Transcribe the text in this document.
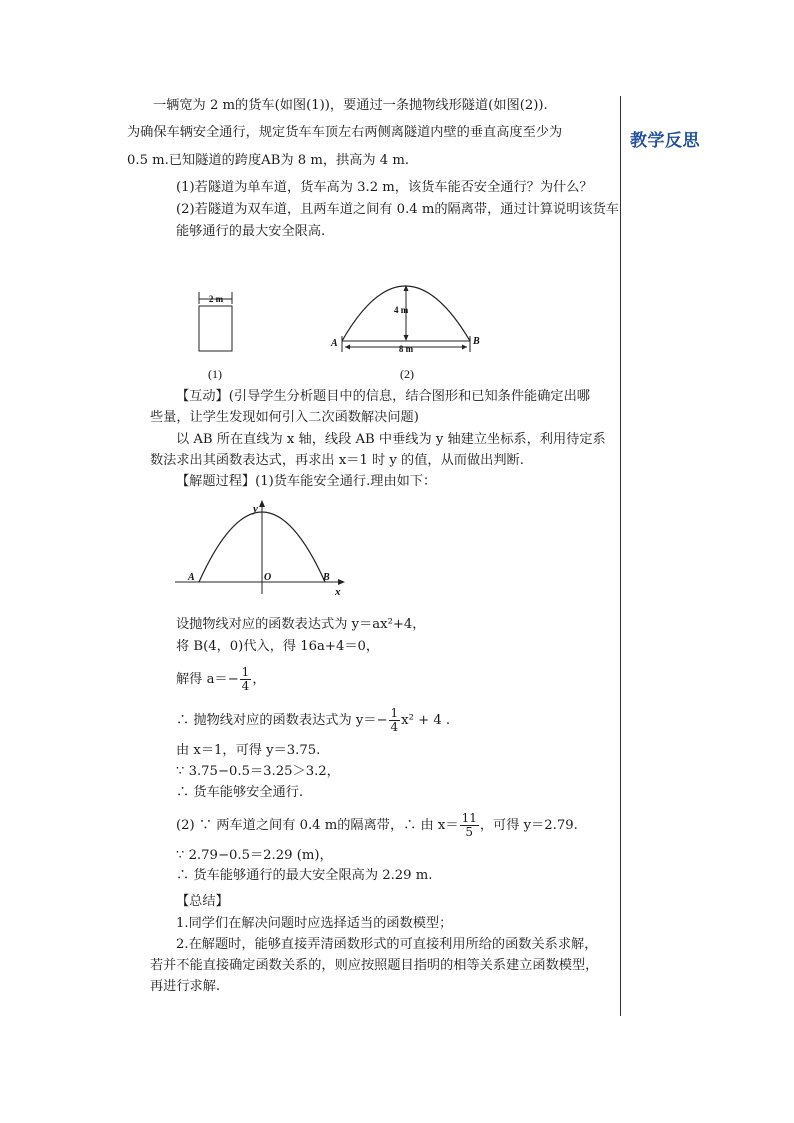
教学反思
一辆宽为 2 m的货车(如图(1))，要通过一条抛物线形隧道(如图(2)).
为确保车辆安全通行，规定货车车顶左右两侧离隧道内壁的垂直高度至少为
0.5 m.已知隧道的跨度AB为 8 m，拱高为 4 m.
(1)若隧道为单车道，货车高为 3.2 m，该货车能否安全通行？为什么？
(2)若隧道为双车道，且两车道之间有 0.4 m的隔离带，通过计算说明该货车
能够通行的最大安全限高.
2 m
(1)
4 m
8 m
A	B
(2)
【互动】(引导学生分析题目中的信息，结合图形和已知条件能确定出哪
些量，让学生发现如何引入二次函数解决问题)
以 AB 所在直线为 x 轴，线段 AB 中垂线为 y 轴建立坐标系，利用待定系
数法求出其函数表达式，再求出 x＝1 时 y 的值，从而做出判断.
【解题过程】(1)货车能安全通行.理由如下：
y
x
O
A	B
设抛物线对应的函数表达式为 y＝ax²+4，
将 B(4，0)代入，得 16a+4＝0，
解得 $a=- \frac{1}{4}$ ，
∴ 抛物线对应的函数表达式为 $y=- \frac{1}{4} x^2 + 4$ .
由 x＝1，可得 y＝3.75.
∵ 3.75−0.5＝3.25＞3.2，
∴ 货车能够安全通行.
(2) ∵ 两车道之间有 0.4 m的隔离带，∴ 由 $x= \frac{11}{5}$ ，可得 y＝2.79.
∵ 2.79−0.5＝2.29 (m)，
∴ 货车能够通行的最大安全限高为 2.29 m.
【总结】
1.同学们在解决问题时应选择适当的函数模型；
2.在解题时，能够直接弄清函数形式的可直接利用所给的函数关系求解，
若并不能直接确定函数关系的，则应按照题目指明的相等关系建立函数模型，
再进行求解.
